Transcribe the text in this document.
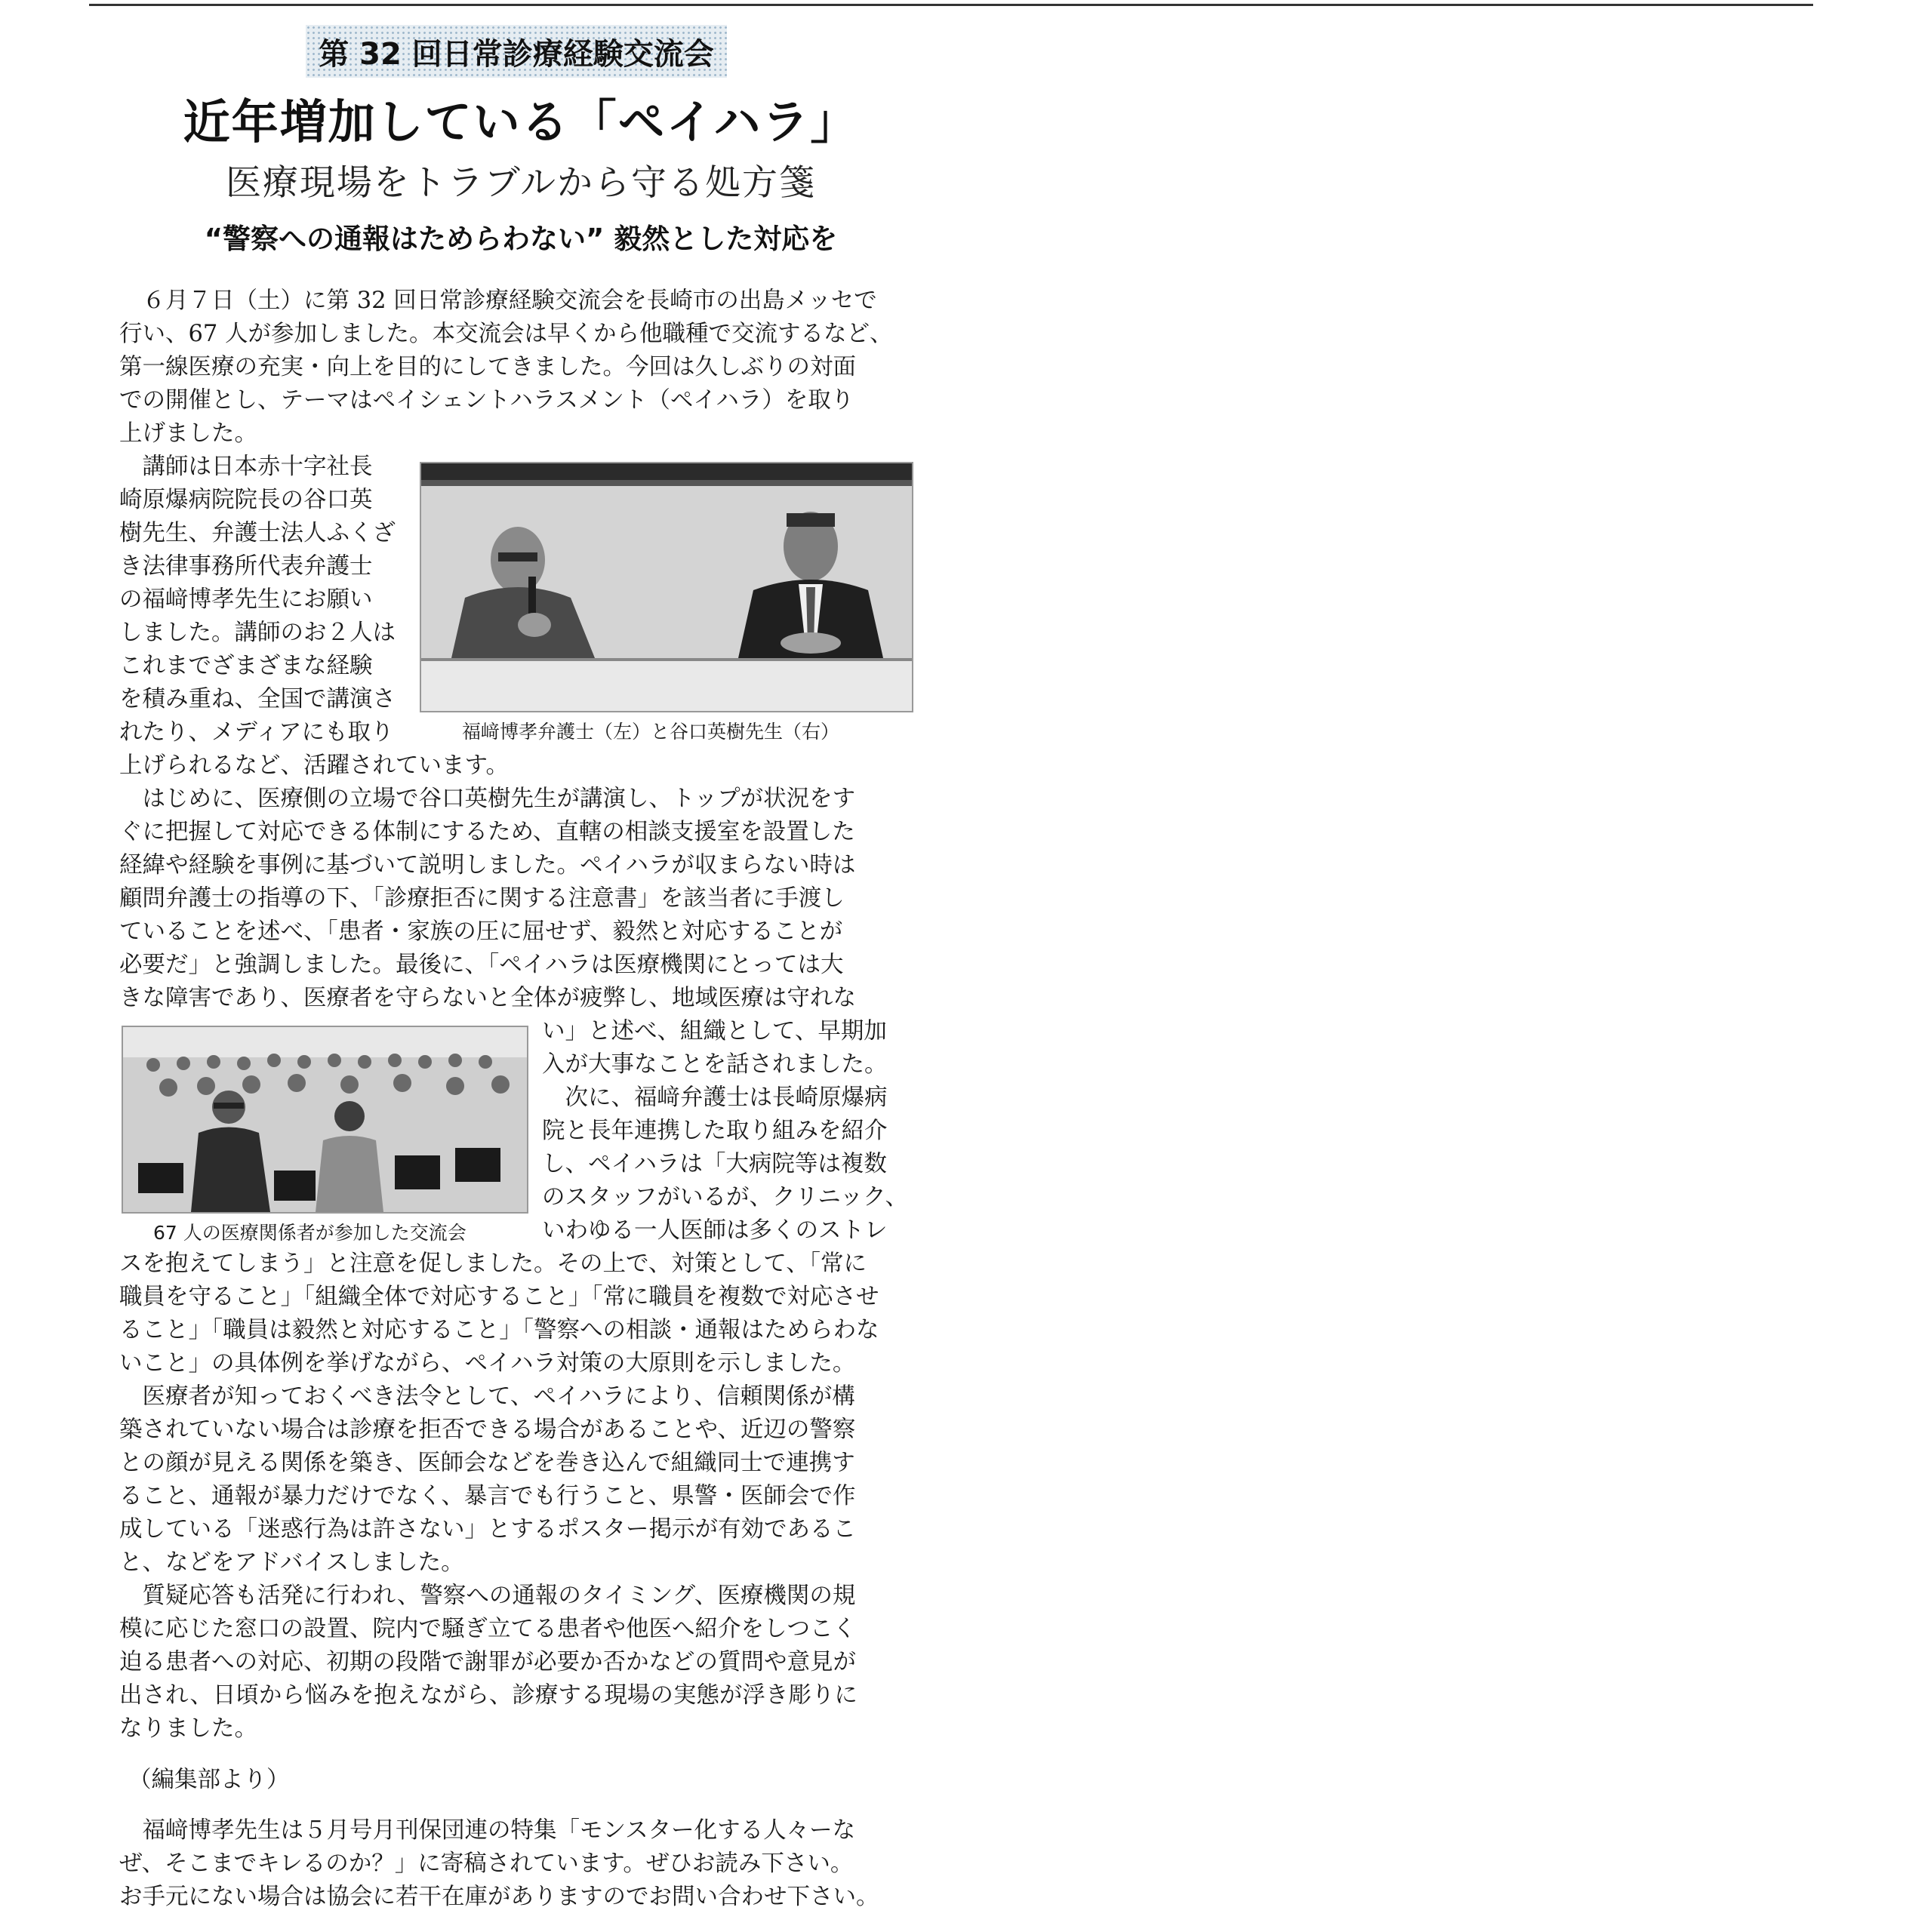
第 32 回日常診療経験交流会
近年増加している「ペイハラ」
医療現場をトラブルから守る処方箋
“警察への通報はためらわない” 毅然とした対応を
　６月７日（土）に第 32 回日常診療経験交流会を長崎市の出島メッセで
行い、67 人が参加しました。本交流会は早くから他職種で交流するなど、
第一線医療の充実・向上を目的にしてきました。今回は久しぶりの対面
での開催とし、テーマはペイシェントハラスメント（ペイハラ）を取り
上げました。
　講師は日本赤十字社長
崎原爆病院院長の谷口英
樹先生、弁護士法人ふくざ
き法律事務所代表弁護士
の福﨑博孝先生にお願い
しました。講師のお２人は
これまでざまざまな経験
を積み重ね、全国で講演さ
れたり、メディアにも取り
上げられるなど、活躍されています。
　はじめに、医療側の立場で谷口英樹先生が講演し、トップが状況をす
ぐに把握して対応できる体制にするため、直轄の相談支援室を設置した
経緯や経験を事例に基づいて説明しました。ペイハラが収まらない時は
顧問弁護士の指導の下、「診療拒否に関する注意書」を該当者に手渡し
ていることを述べ、「患者・家族の圧に屈せず、毅然と対応することが
必要だ」と強調しました。最後に、「ペイハラは医療機関にとっては大
きな障害であり、医療者を守らないと全体が疲弊し、地域医療は守れな
い」と述べ、組織として、早期加
入が大事なことを話されました。
　次に、福﨑弁護士は長崎原爆病
院と長年連携した取り組みを紹介
し、ペイハラは「大病院等は複数
のスタッフがいるが、クリニック、
いわゆる一人医師は多くのストレ
スを抱えてしまう」と注意を促しました。その上で、対策として、「常に
職員を守ること」「組織全体で対応すること」「常に職員を複数で対応させ
ること」「職員は毅然と対応すること」「警察への相談・通報はためらわな
いこと」の具体例を挙げながら、ペイハラ対策の大原則を示しました。
　医療者が知っておくべき法令として、ペイハラにより、信頼関係が構
築されていない場合は診療を拒否できる場合があることや、近辺の警察
との顔が見える関係を築き、医師会などを巻き込んで組織同士で連携す
ること、通報が暴力だけでなく、暴言でも行うこと、県警・医師会で作
成している「迷惑行為は許さない」とするポスター掲示が有効であるこ
と、などをアドバイスしました。
　質疑応答も活発に行われ、警察への通報のタイミング、医療機関の規
模に応じた窓口の設置、院内で騒ぎ立てる患者や他医へ紹介をしつこく
迫る患者への対応、初期の段階で謝罪が必要か否かなどの質問や意見が
出され、日頃から悩みを抱えながら、診療する現場の実態が浮き彫りに
なりました。
（編集部より）
　福﨑博孝先生は５月号月刊保団連の特集「モンスター化する人々ーな
ぜ、そこまでキレるのか？」に寄稿されています。ぜひお読み下さい。
お手元にない場合は協会に若干在庫がありますのでお問い合わせ下さい。
福﨑博孝弁護士（左）と谷口英樹先生（右）
67 人の医療関係者が参加した交流会
